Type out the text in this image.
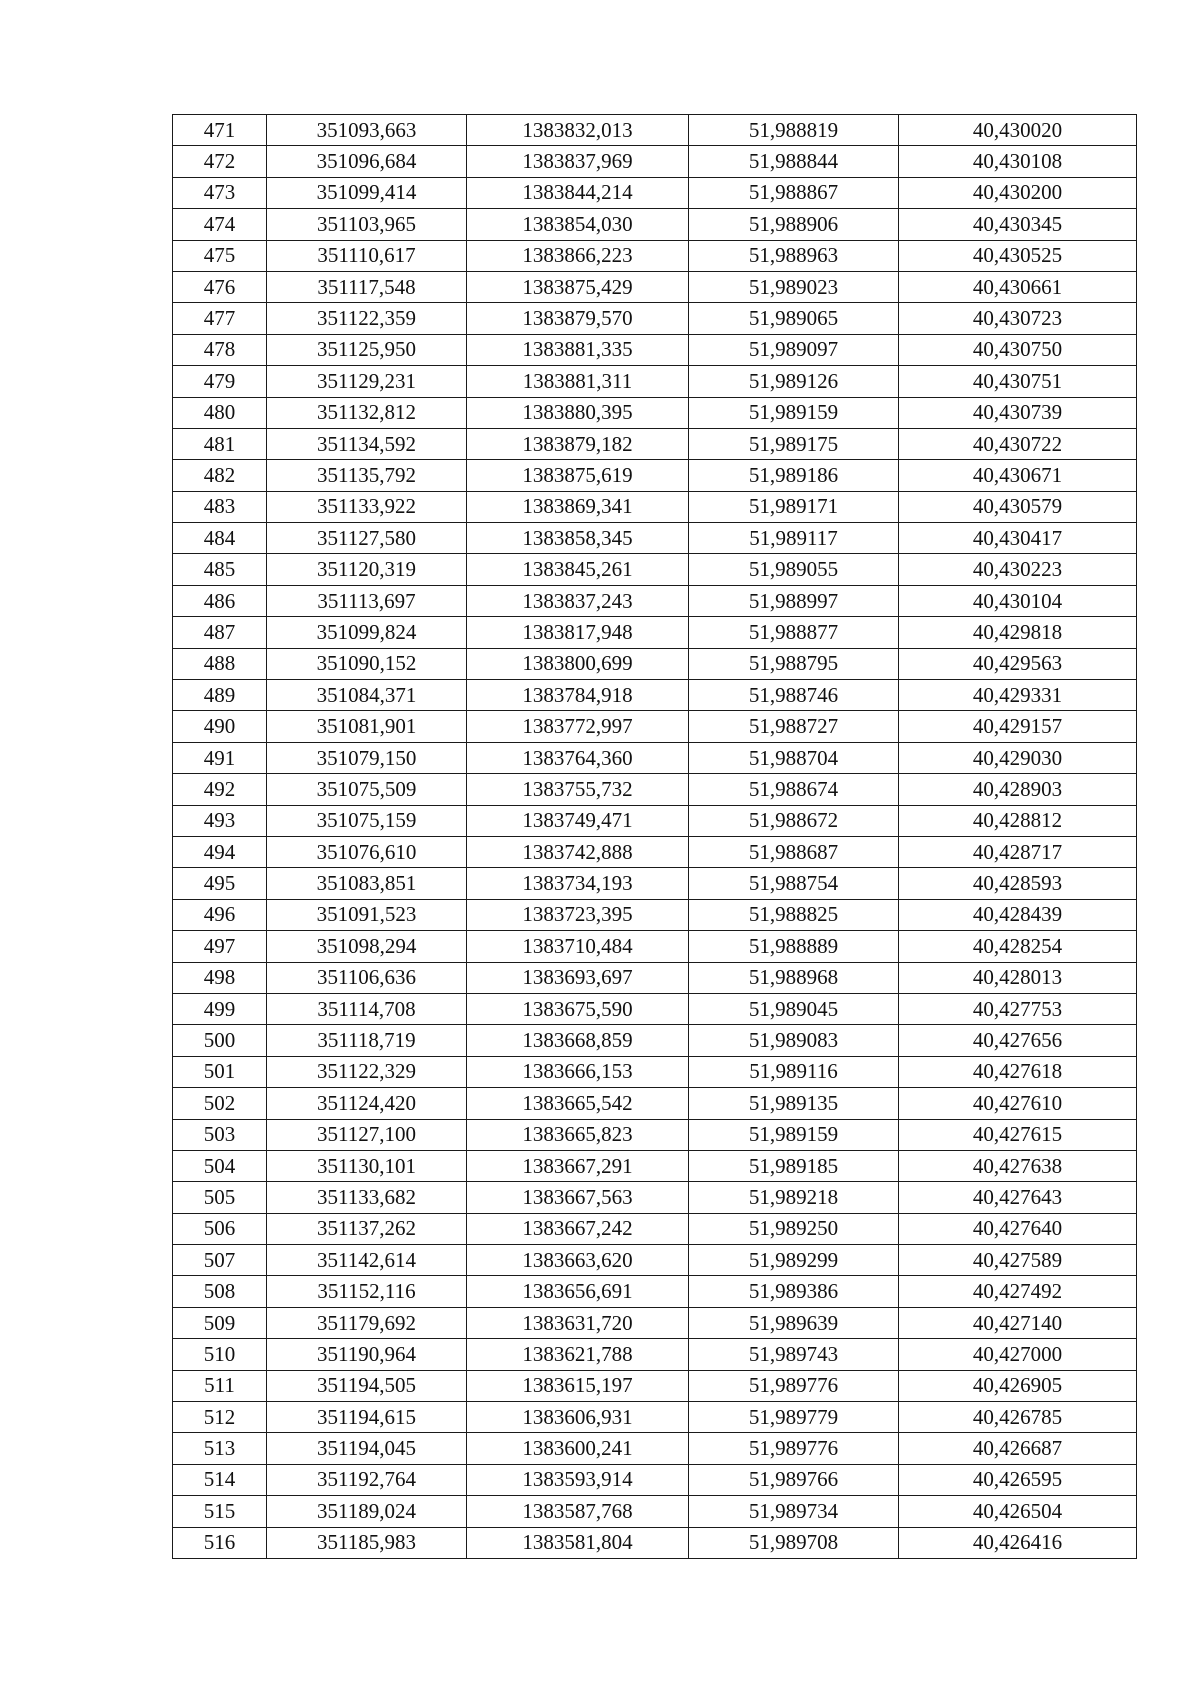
471	351093,663	1383832,013	51,988819	40,430020
472	351096,684	1383837,969	51,988844	40,430108
473	351099,414	1383844,214	51,988867	40,430200
474	351103,965	1383854,030	51,988906	40,430345
475	351110,617	1383866,223	51,988963	40,430525
476	351117,548	1383875,429	51,989023	40,430661
477	351122,359	1383879,570	51,989065	40,430723
478	351125,950	1383881,335	51,989097	40,430750
479	351129,231	1383881,311	51,989126	40,430751
480	351132,812	1383880,395	51,989159	40,430739
481	351134,592	1383879,182	51,989175	40,430722
482	351135,792	1383875,619	51,989186	40,430671
483	351133,922	1383869,341	51,989171	40,430579
484	351127,580	1383858,345	51,989117	40,430417
485	351120,319	1383845,261	51,989055	40,430223
486	351113,697	1383837,243	51,988997	40,430104
487	351099,824	1383817,948	51,988877	40,429818
488	351090,152	1383800,699	51,988795	40,429563
489	351084,371	1383784,918	51,988746	40,429331
490	351081,901	1383772,997	51,988727	40,429157
491	351079,150	1383764,360	51,988704	40,429030
492	351075,509	1383755,732	51,988674	40,428903
493	351075,159	1383749,471	51,988672	40,428812
494	351076,610	1383742,888	51,988687	40,428717
495	351083,851	1383734,193	51,988754	40,428593
496	351091,523	1383723,395	51,988825	40,428439
497	351098,294	1383710,484	51,988889	40,428254
498	351106,636	1383693,697	51,988968	40,428013
499	351114,708	1383675,590	51,989045	40,427753
500	351118,719	1383668,859	51,989083	40,427656
501	351122,329	1383666,153	51,989116	40,427618
502	351124,420	1383665,542	51,989135	40,427610
503	351127,100	1383665,823	51,989159	40,427615
504	351130,101	1383667,291	51,989185	40,427638
505	351133,682	1383667,563	51,989218	40,427643
506	351137,262	1383667,242	51,989250	40,427640
507	351142,614	1383663,620	51,989299	40,427589
508	351152,116	1383656,691	51,989386	40,427492
509	351179,692	1383631,720	51,989639	40,427140
510	351190,964	1383621,788	51,989743	40,427000
511	351194,505	1383615,197	51,989776	40,426905
512	351194,615	1383606,931	51,989779	40,426785
513	351194,045	1383600,241	51,989776	40,426687
514	351192,764	1383593,914	51,989766	40,426595
515	351189,024	1383587,768	51,989734	40,426504
516	351185,983	1383581,804	51,989708	40,426416
